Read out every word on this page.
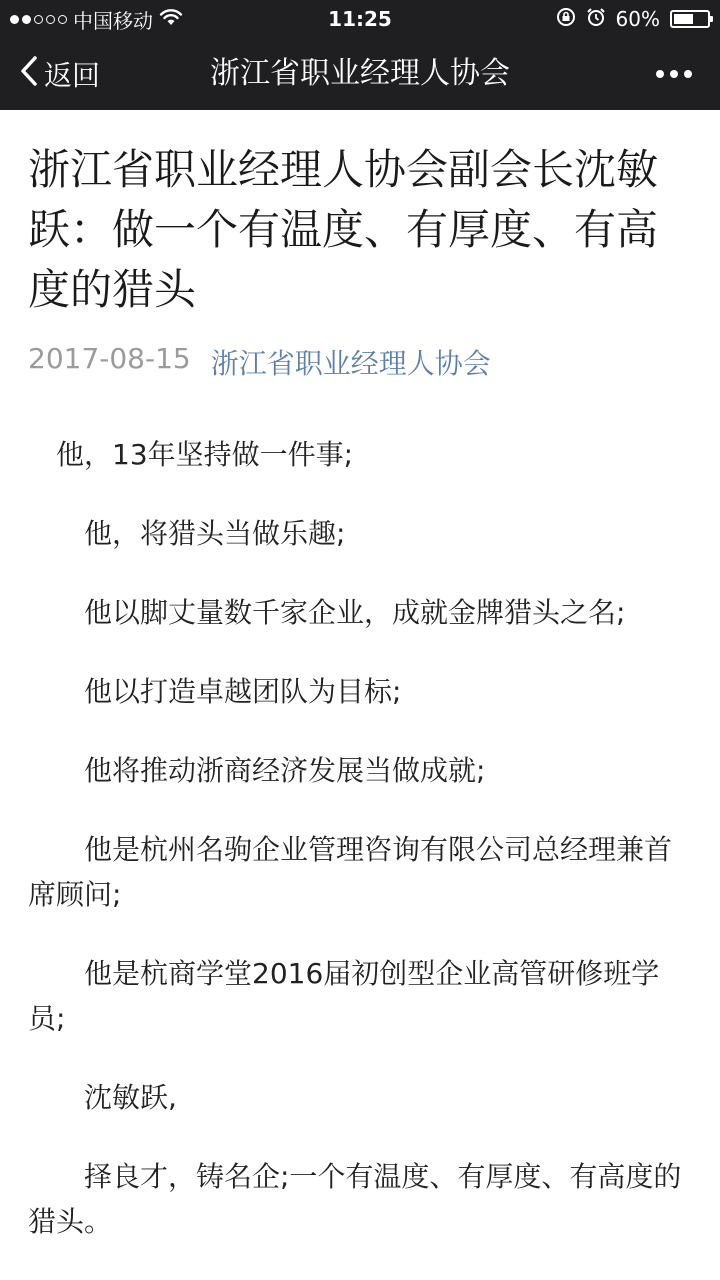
中国移动	11:25	60%
返回	浙江省职业经理人协会
浙江省职业经理人协会副会长沈敏跃：做一个有温度、有厚度、有高度的猎头
2017-08-15 浙江省职业经理人协会

他，13年坚持做一件事;

他，将猎头当做乐趣;

他以脚丈量数千家企业，成就金牌猎头之名;

他以打造卓越团队为目标;

他将推动浙商经济发展当做成就;

他是杭州名驹企业管理咨询有限公司总经理兼首席顾问;

他是杭商学堂2016届初创型企业高管研修班学员;

沈敏跃,

择良才，铸名企;一个有温度、有厚度、有高度的猎头。
